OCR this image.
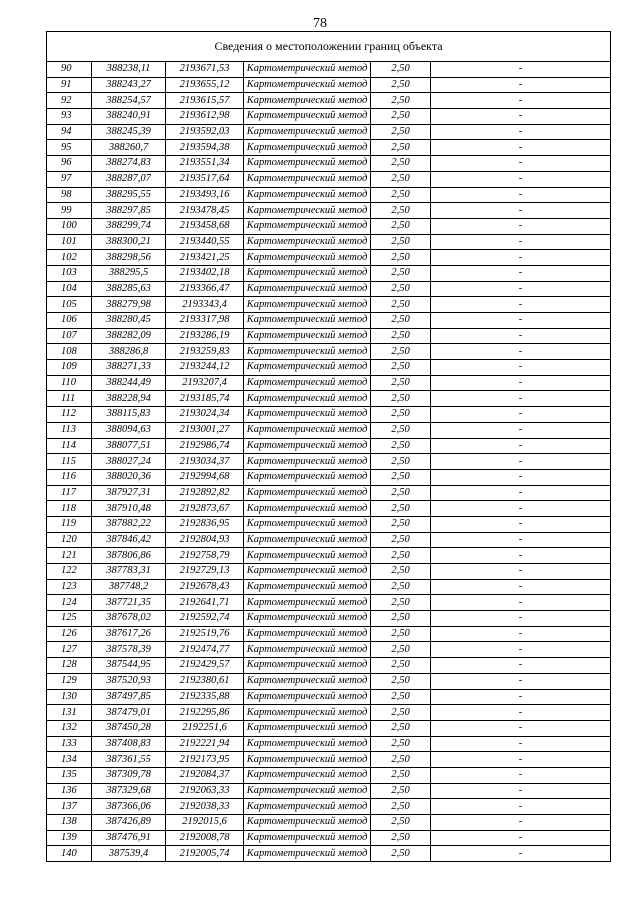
78
Сведения о местоположении границ объекта					
90	388238,11	2193671,53	Картометрический метод	2,50	-
91	388243,27	2193655,12	Картометрический метод	2,50	-
92	388254,57	2193615,57	Картометрический метод	2,50	-
93	388240,91	2193612,98	Картометрический метод	2,50	-
94	388245,39	2193592,03	Картометрический метод	2,50	-
95	388260,7	2193594,38	Картометрический метод	2,50	-
96	388274,83	2193551,34	Картометрический метод	2,50	-
97	388287,07	2193517,64	Картометрический метод	2,50	-
98	388295,55	2193493,16	Картометрический метод	2,50	-
99	388297,85	2193478,45	Картометрический метод	2,50	-
100	388299,74	2193458,68	Картометрический метод	2,50	-
101	388300,21	2193440,55	Картометрический метод	2,50	-
102	388298,56	2193421,25	Картометрический метод	2,50	-
103	388295,5	2193402,18	Картометрический метод	2,50	-
104	388285,63	2193366,47	Картометрический метод	2,50	-
105	388279,98	2193343,4	Картометрический метод	2,50	-
106	388280,45	2193317,98	Картометрический метод	2,50	-
107	388282,09	2193286,19	Картометрический метод	2,50	-
108	388286,8	2193259,83	Картометрический метод	2,50	-
109	388271,33	2193244,12	Картометрический метод	2,50	-
110	388244,49	2193207,4	Картометрический метод	2,50	-
111	388228,94	2193185,74	Картометрический метод	2,50	-
112	388115,83	2193024,34	Картометрический метод	2,50	-
113	388094,63	2193001,27	Картометрический метод	2,50	-
114	388077,51	2192986,74	Картометрический метод	2,50	-
115	388027,24	2193034,37	Картометрический метод	2,50	-
116	388020,36	2192994,68	Картометрический метод	2,50	-
117	387927,31	2192892,82	Картометрический метод	2,50	-
118	387910,48	2192873,67	Картометрический метод	2,50	-
119	387882,22	2192836,95	Картометрический метод	2,50	-
120	387846,42	2192804,93	Картометрический метод	2,50	-
121	387806,86	2192758,79	Картометрический метод	2,50	-
122	387783,31	2192729,13	Картометрический метод	2,50	-
123	387748,2	2192678,43	Картометрический метод	2,50	-
124	387721,35	2192641,71	Картометрический метод	2,50	-
125	387678,02	2192592,74	Картометрический метод	2,50	-
126	387617,26	2192519,76	Картометрический метод	2,50	-
127	387578,39	2192474,77	Картометрический метод	2,50	-
128	387544,95	2192429,57	Картометрический метод	2,50	-
129	387520,93	2192380,61	Картометрический метод	2,50	-
130	387497,85	2192335,88	Картометрический метод	2,50	-
131	387479,01	2192295,86	Картометрический метод	2,50	-
132	387450,28	2192251,6	Картометрический метод	2,50	-
133	387408,83	2192221,94	Картометрический метод	2,50	-
134	387361,55	2192173,95	Картометрический метод	2,50	-
135	387309,78	2192084,37	Картометрический метод	2,50	-
136	387329,68	2192063,33	Картометрический метод	2,50	-
137	387366,06	2192038,33	Картометрический метод	2,50	-
138	387426,89	2192015,6	Картометрический метод	2,50	-
139	387476,91	2192008,78	Картометрический метод	2,50	-
140	387539,4	2192005,74	Картометрический метод	2,50	-
